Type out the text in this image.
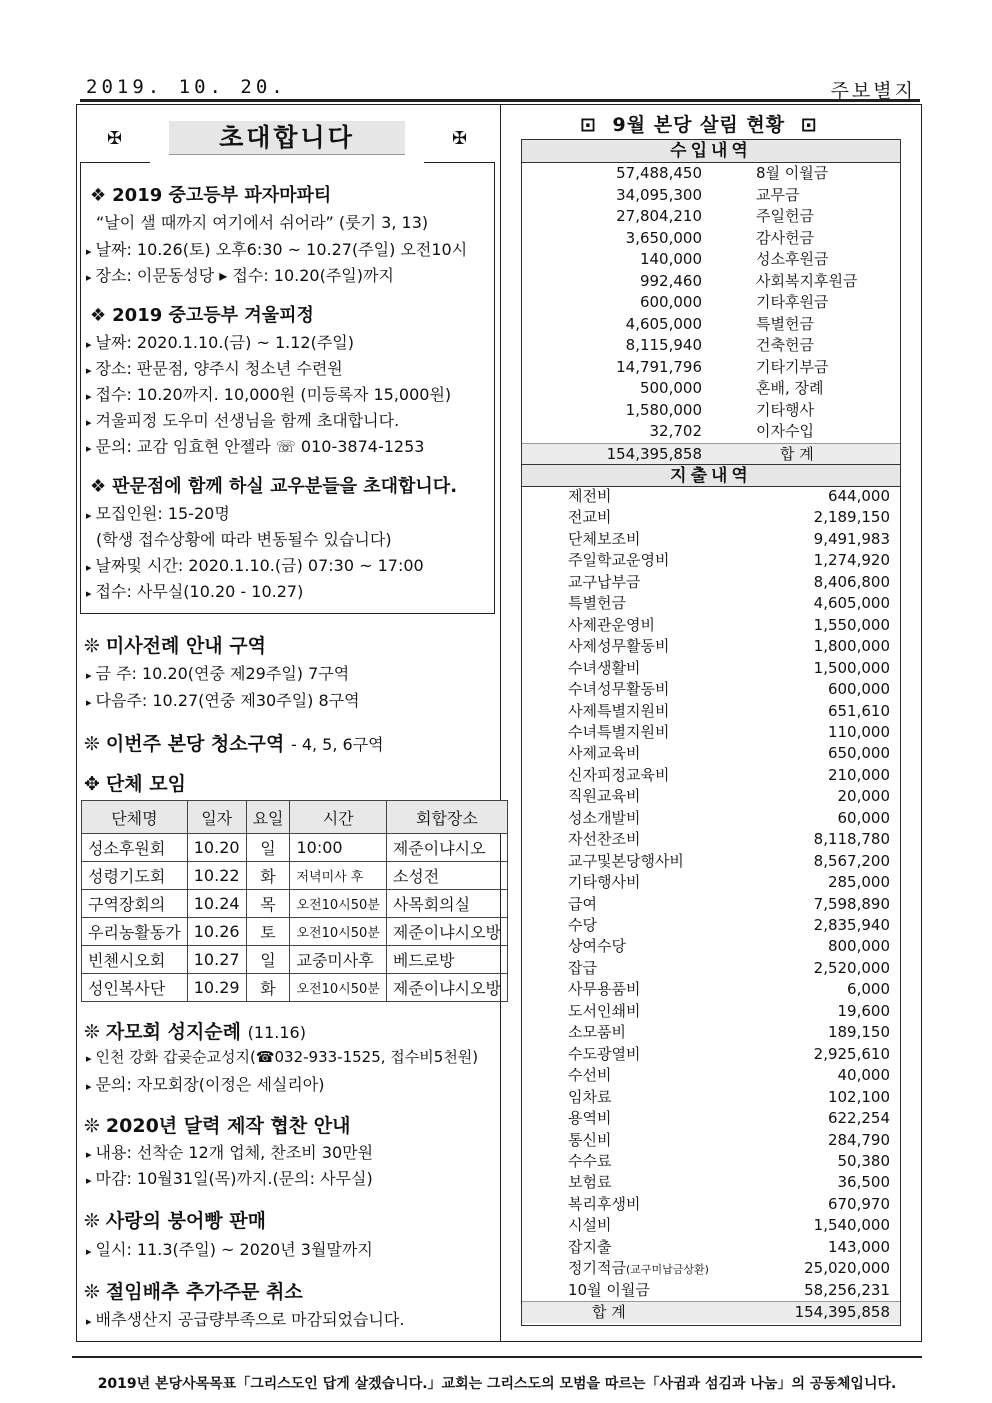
2019. 10. 20.	주보별지
✠	초대합니다	✠
❖ 2019 중고등부 파자마파티
“날이 샐 때까지 여기에서 쉬어라” (룻기 3, 13)
▸ 날짜: 10.26(토) 오후6:30 ~ 10.27(주일) 오전10시
▸ 장소: 이문동성당 ▸ 접수: 10.20(주일)까지
❖ 2019 중고등부 겨울피정
▸ 날짜: 2020.1.10.(금) ~ 1.12(주일)
▸ 장소: 판문점, 양주시 청소년 수련원
▸ 접수: 10.20까지. 10,000원 (미등록자 15,000원)
▸ 겨울피정 도우미 선생님을 함께 초대합니다.
▸ 문의: 교감 임효현 안젤라 ☏ 010-3874-1253
❖ 판문점에 함께 하실 교우분들을 초대합니다.
▸ 모집인원: 15-20명
(학생 접수상황에 따라 변동될수 있습니다)
▸ 날짜및 시간: 2020.1.10.(금) 07:30 ~ 17:00
▸ 접수: 사무실(10.20 - 10.27)
❊ 미사전례 안내 구역
▸ 금 주: 10.20(연중 제29주일) 7구역
▸ 다음주: 10.27(연중 제30주일) 8구역
❊ 이번주 본당 청소구역 - 4, 5, 6구역
✥ 단체 모임
단체명	일자	요일	시간	회합장소
성소후원회	10.20	일	10:00	제준이냐시오
성령기도회	10.22	화	저녁미사 후	소성전
구역장회의	10.24	목	오전10시50분	사목회의실
우리농활동가	10.26	토	오전10시50분	제준이냐시오방
빈첸시오회	10.27	일	교중미사후	베드로방
성인복사단	10.29	화	오전10시50분	제준이냐시오방
❊ 자모회 성지순례 (11.16)
▸ 인천 강화 갑곶순교성지(☎032-933-1525, 접수비5천원)
▸ 문의: 자모회장(이정은 세실리아)
❊ 2020년 달력 제작 협찬 안내
▸ 내용: 선착순 12개 업체, 찬조비 30만원
▸ 마감: 10월31일(목)까지.(문의: 사무실)
❊ 사랑의 붕어빵 판매
▸ 일시: 11.3(주일) ~ 2020년 3월말까지
❊ 절임배추 추가주문 취소
▸ 배추생산지 공급량부족으로 마감되었습니다.
⊡ 9월 본당 살림 현황 ⊡
수입내역
57,488,450	8월 이월금
34,095,300	교무금
27,804,210	주일헌금
3,650,000	감사헌금
140,000	성소후원금
992,460	사회복지후원금
600,000	기타후원금
4,605,000	특별헌금
8,115,940	건축헌금
14,791,796	기타기부금
500,000	혼배, 장례
1,580,000	기타행사
32,702	이자수입
154,395,858	합 계
지출내역
제전비	644,000
전교비	2,189,150
단체보조비	9,491,983
주일학교운영비	1,274,920
교구납부금	8,406,800
특별헌금	4,605,000
사제관운영비	1,550,000
사제성무활동비	1,800,000
수녀생활비	1,500,000
수녀성무활동비	600,000
사제특별지원비	651,610
수녀특별지원비	110,000
사제교육비	650,000
신자피정교육비	210,000
직원교육비	20,000
성소개발비	60,000
자선찬조비	8,118,780
교구및본당행사비	8,567,200
기타행사비	285,000
급여	7,598,890
수당	2,835,940
상여수당	800,000
잡급	2,520,000
사무용품비	6,000
도서인쇄비	19,600
소모품비	189,150
수도광열비	2,925,610
수선비	40,000
임차료	102,100
용역비	622,254
통신비	284,790
수수료	50,380
보험료	36,500
복리후생비	670,970
시설비	1,540,000
잡지출	143,000
정기적금(교구미납금상환)	25,020,000
10월 이월금	58,256,231
합 계	154,395,858
2019년 본당사목목표「그리스도인 답게 살겠습니다.」교회는 그리스도의 모범을 따르는「사귐과 섬김과 나눔」의 공동체입니다.
